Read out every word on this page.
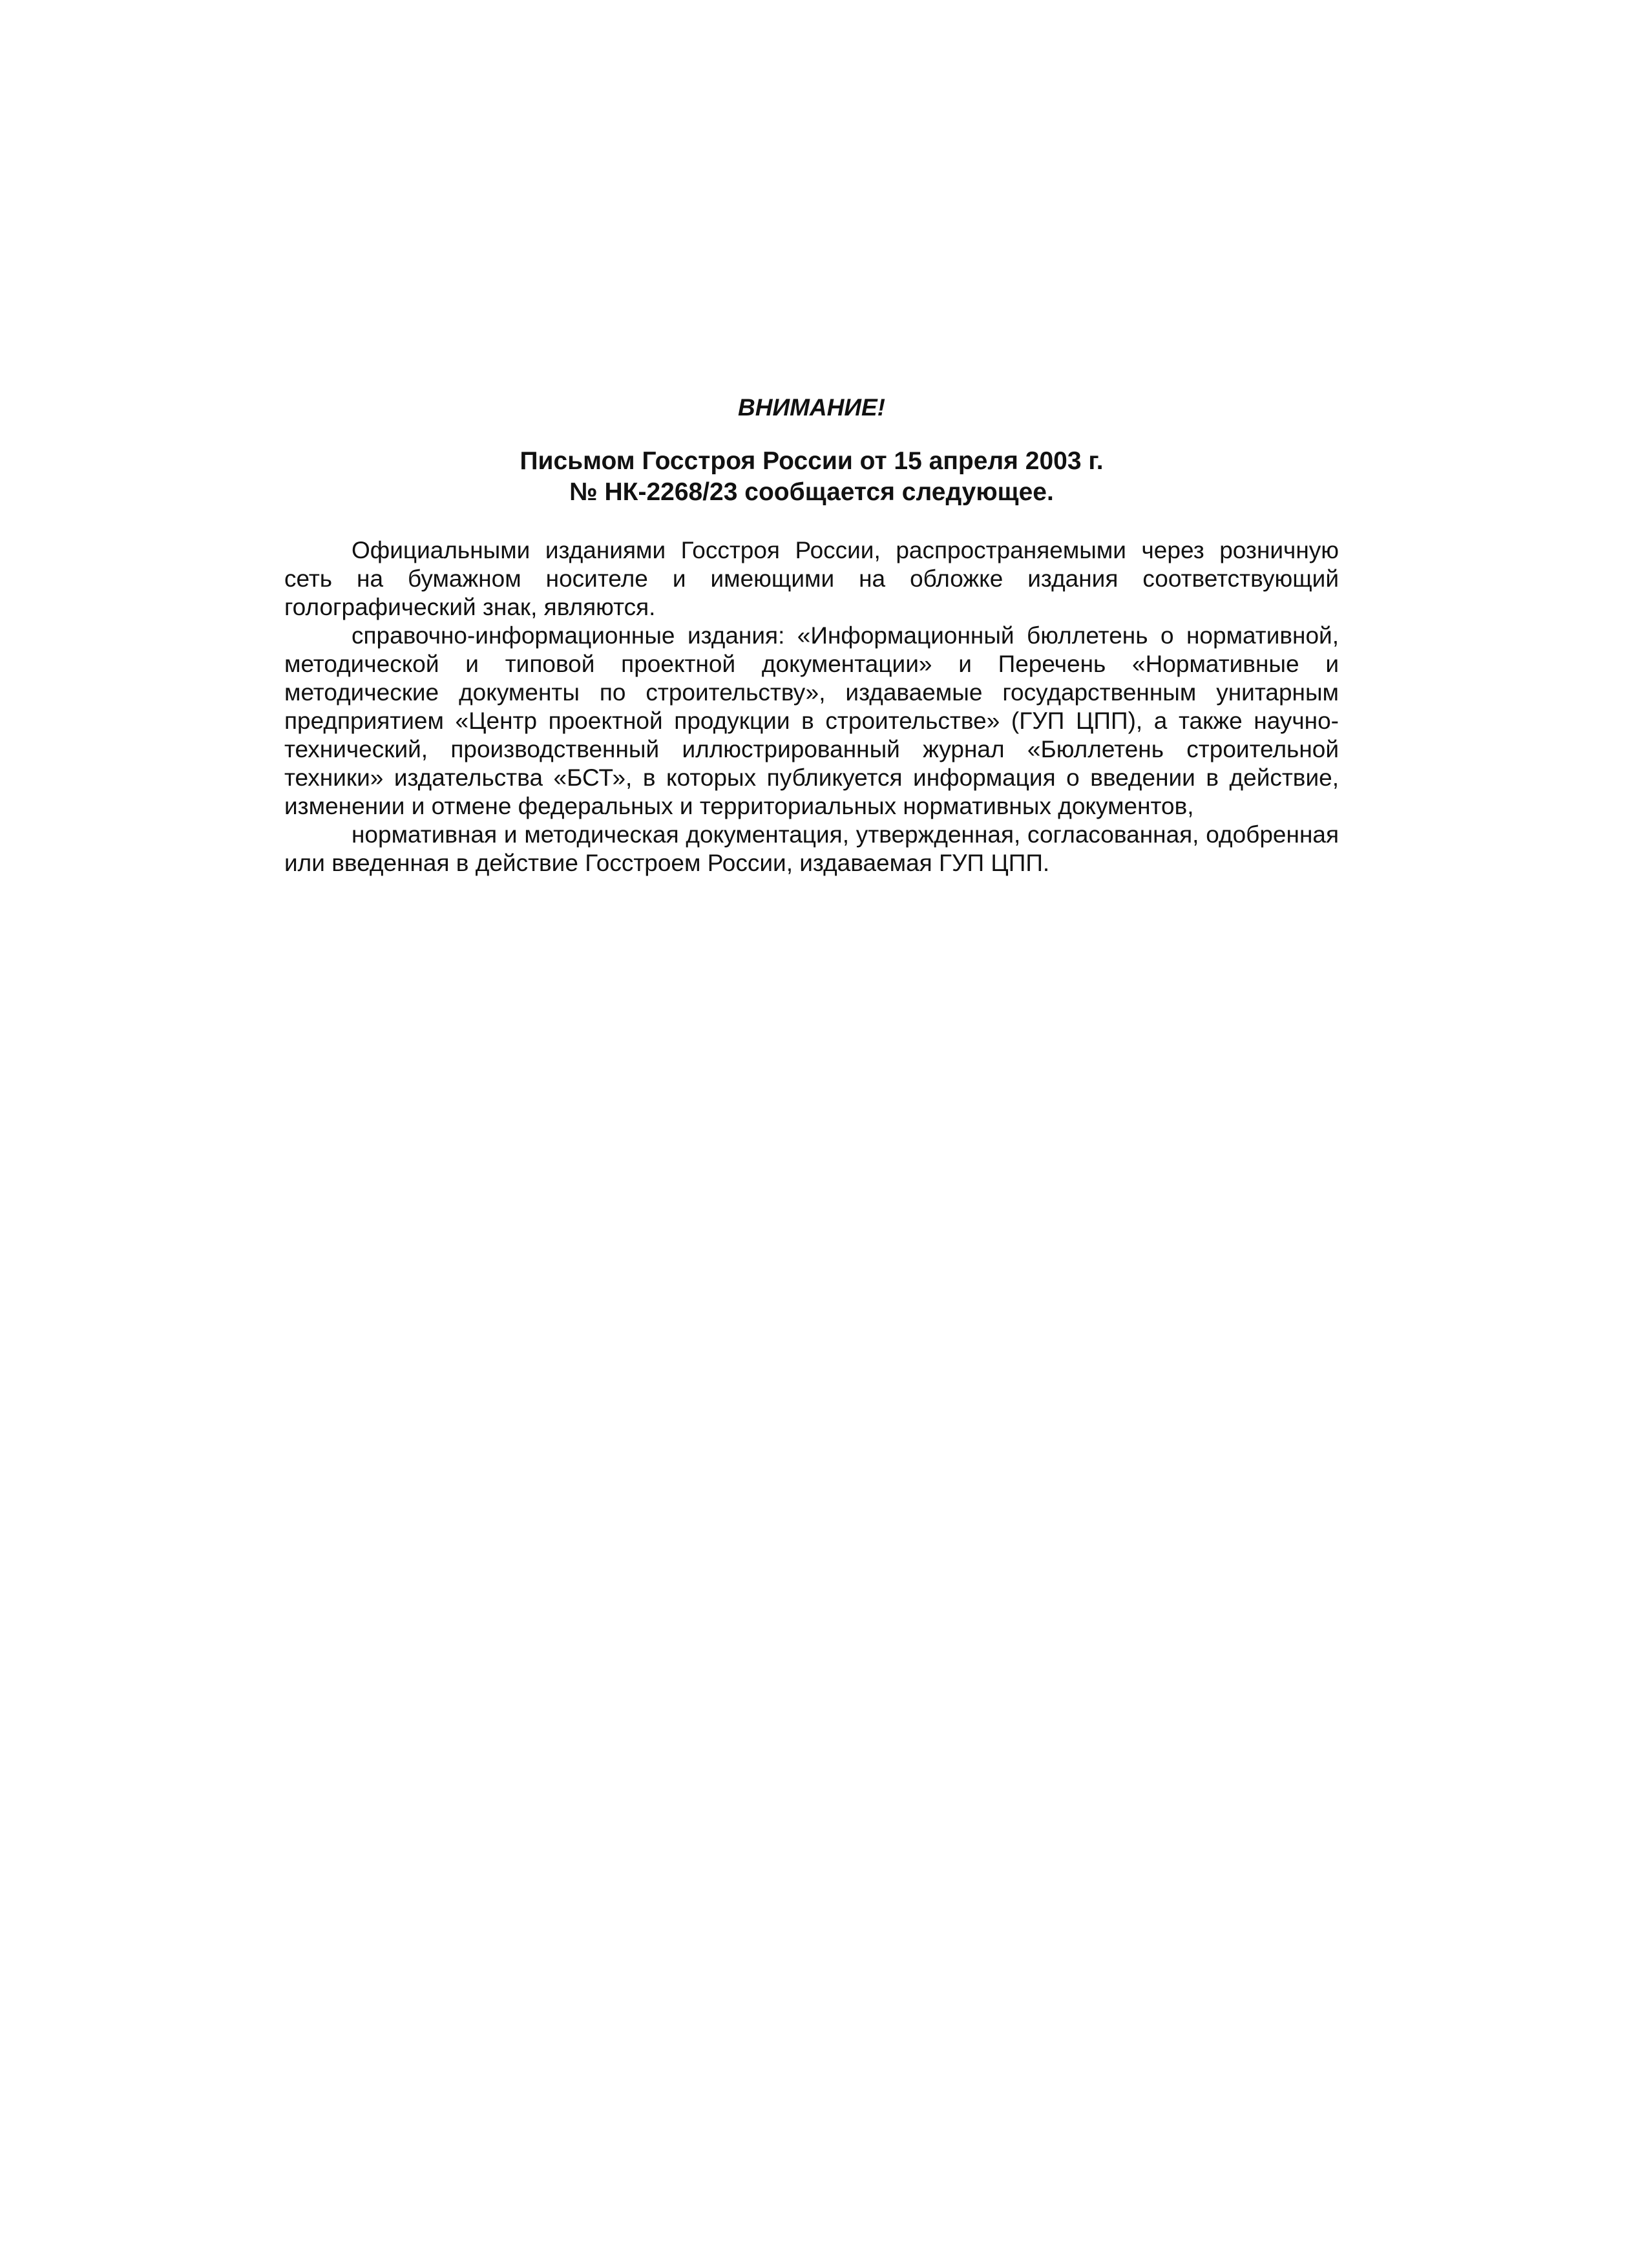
ВНИМАНИЕ!
Письмом Госстроя России от 15 апреля 2003 г.
№ НК-2268/23 сообщается следующее.

Официальными изданиями Госстроя России, распространяемыми через розничную сеть на бумажном носителе и имеющими на обложке издания соответствующий голографический знак, являются.

справочно-информационные издания: «Информационный бюллетень о нормативной, методической и типовой проектной документации» и Перечень «Нормативные и методические документы по строительству», издаваемые государственным унитарным предприятием «Центр проектной продукции в строительстве» (ГУП ЦПП), а также научно-технический, производственный иллюстрированный журнал «Бюллетень строительной техники» издательства «БСТ», в которых публикуется информация о введении в действие, изменении и отмене федеральных и территориальных нормативных документов,

нормативная и методическая документация, утвержденная, согласованная, одобренная или введенная в действие Госстроем России, издаваемая ГУП ЦПП.
